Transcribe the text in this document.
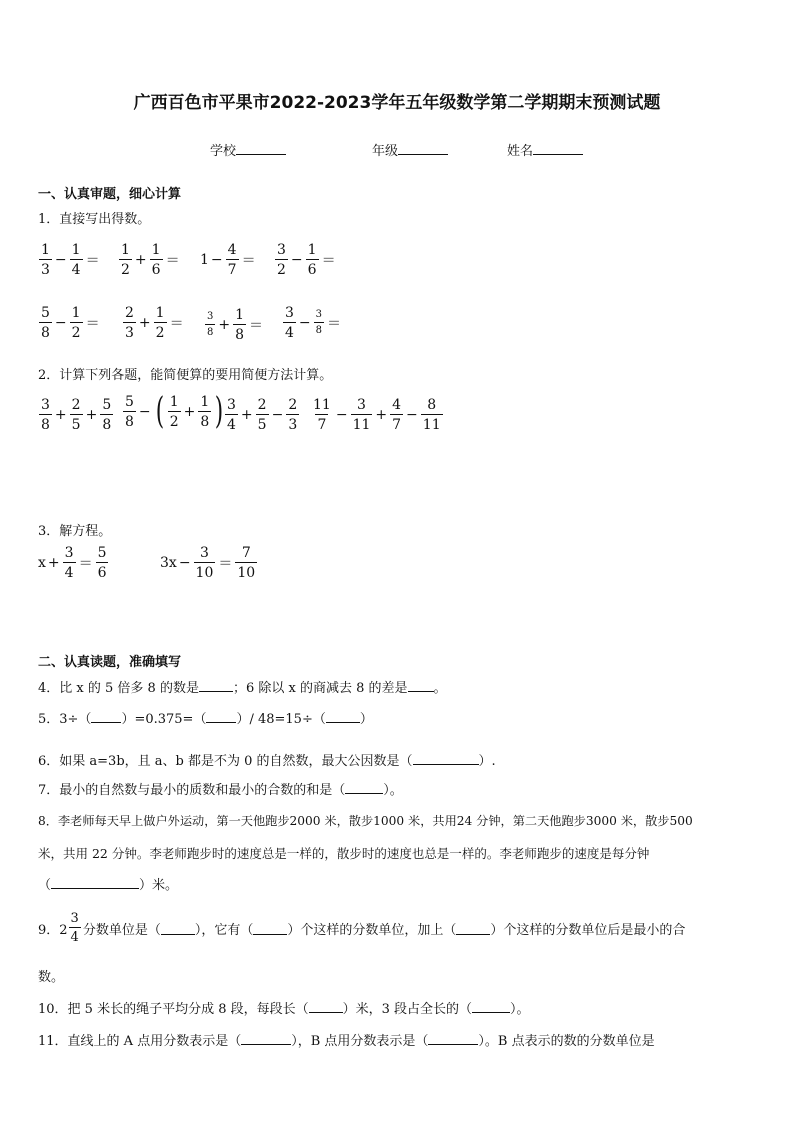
广西百色市平果市2022-2023学年五年级数学第二学期期末预测试题
学校	年级	姓名
一、认真审题，细心计算
1．直接写出得数。
$\frac{1}{3} - \frac{1}{4} = \frac{1}{2} + \frac{1}{6} = 1 - \frac{4}{7} = \frac{3}{2} - \frac{1}{6}$ ＝
$\frac{5}{8} - \frac{1}{2} = \frac{2}{3} + \frac{1}{2} = \frac{3}{8} + \frac{1}{8} = \frac{3}{4} - \frac{3}{8}$ ＝
2．计算下列各题，能简便算的要用简便方法计算。
$\frac{3}{8} + \frac{2}{5} + \frac{5}{8} \frac{5}{8}$ − ( $\frac{1}{2} + \frac{1}{8}$ ) $\frac{3}{4} + \frac{2}{5} - \frac{2}{3} \frac{11}{7} - \frac{3}{11} + \frac{4}{7} - \frac{8}{11}$
3．解方程。
$x + \frac{3}{4} = \frac{5}{6}$	$3x - \frac{3}{10} = \frac{7}{10}$
二、认真读题，准确填写
4．比 x 的 5 倍多 8 的数是	；6 除以 x 的商减去 8 的差是 。
5．3÷（ ）=0.375=（ ）/ 48=15÷（	）
6．如果 a=3b，且 a、b 都是不为 0 的自然数，最大公因数是（	）.
7．最小的自然数与最小的质数和最小的合数的和是（	）。
8．李老师每天早上做户外运动，第一天他跑步2000 米，散步1000 米，共用24 分钟，第二天他跑步3000 米，散步500
米，共用 22 分钟。李老师跑步时的速度总是一样的，散步时的速度也总是一样的。李老师跑步的速度是每分钟
（	）米。
9．$2 \frac{3}{4}$ 分数单位是（	），它有（	）个这样的分数单位，加上（	）个这样的分数单位后是最小的合
数。
10．把 5 米长的绳子平均分成 8 段，每段长（	）米，3 段占全长的（	）。
11．直线上的 A 点用分数表示是（	），B 点用分数表示是（	）。B 点表示的数的分数单位是
